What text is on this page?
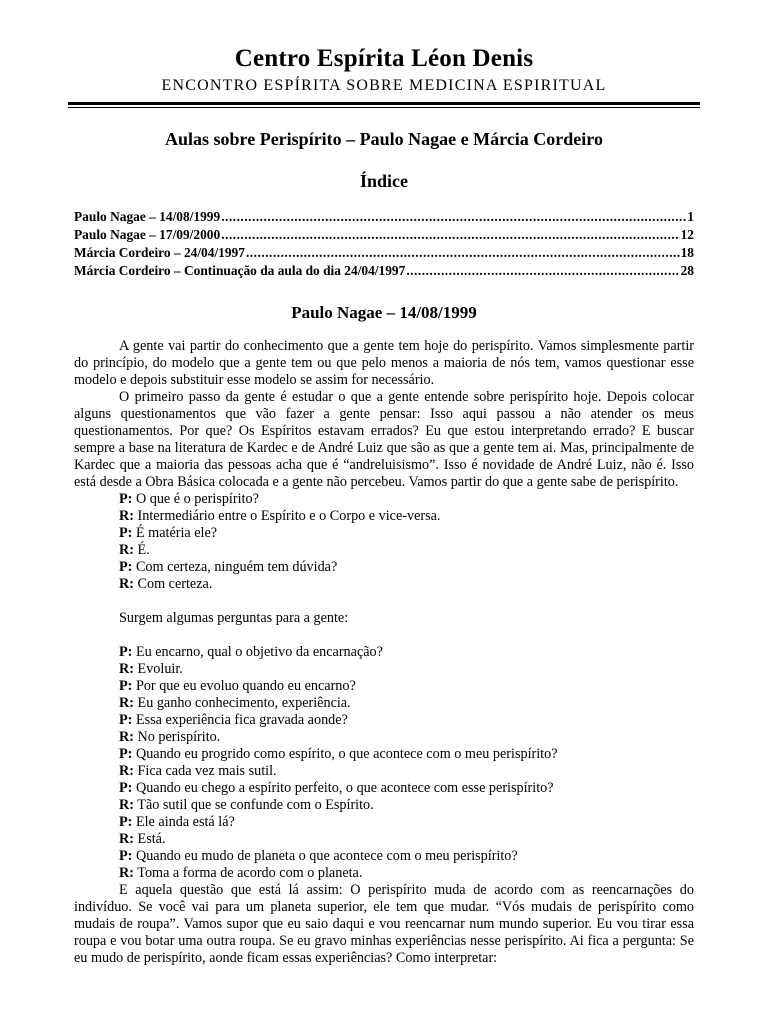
Centro Espírita Léon Denis
ENCONTRO ESPÍRITA SOBRE MEDICINA ESPIRITUAL
Aulas sobre Perispírito – Paulo Nagae e Márcia Cordeiro
Índice
Paulo Nagae – 14/08/1999 .....	1
Paulo Nagae – 17/09/2000 .....	12
Márcia Cordeiro – 24/04/1997 .....	18
Márcia Cordeiro – Continuação da aula do dia 24/04/1997 .....	28
Paulo Nagae – 14/08/1999

A gente vai partir do conhecimento que a gente tem hoje do perispírito. Vamos simplesmente partir do princípio, do modelo que a gente tem ou que pelo menos a maioria de nós tem, vamos questionar esse modelo e depois substituir esse modelo se assim for necessário.

O primeiro passo da gente é estudar o que a gente entende sobre perispírito hoje. Depois colocar alguns questionamentos que vão fazer a gente pensar: Isso aqui passou a não atender os meus questionamentos. Por que? Os Espíritos estavam errados? Eu que estou interpretando errado? E buscar sempre a base na literatura de Kardec e de André Luiz que são as que a gente tem ai. Mas, principalmente de Kardec que a maioria das pessoas acha que é “andreluisismo”. Isso é novidade de André Luiz, não é. Isso está desde a Obra Básica colocada e a gente não percebeu. Vamos partir do que a gente sabe de perispírito.

P: O que é o perispírito?
R: Intermediário entre o Espírito e o Corpo e vice-versa.
P: É matéria ele?
R: É.
P: Com certeza, ninguém tem dúvida?
R: Com certeza.
Surgem algumas perguntas para a gente:
P: Eu encarno, qual o objetivo da encarnação?
R: Evoluir.
P: Por que eu evoluo quando eu encarno?
R: Eu ganho conhecimento, experiência.
P: Essa experiência fica gravada aonde?
R: No perispírito.
P: Quando eu progrido como espírito, o que acontece com o meu perispírito?
R: Fica cada vez mais sutil.
P: Quando eu chego a espírito perfeito, o que acontece com esse perispírito?
R: Tão sutil que se confunde com o Espírito.
P: Ele ainda está lá?
R: Está.
P: Quando eu mudo de planeta o que acontece com o meu perispírito?
R: Toma a forma de acordo com o planeta.

E aquela questão que está lá assim: O perispírito muda de acordo com as reencarnações do indivíduo. Se você vai para um planeta superior, ele tem que mudar. “Vós mudais de perispírito como mudais de roupa”. Vamos supor que eu saio daqui e vou reencarnar num mundo superior. Eu vou tirar essa roupa e vou botar uma outra roupa. Se eu gravo minhas experiências nesse perispírito. Ai fica a pergunta: Se eu mudo de perispírito, aonde ficam essas experiências? Como interpretar:
